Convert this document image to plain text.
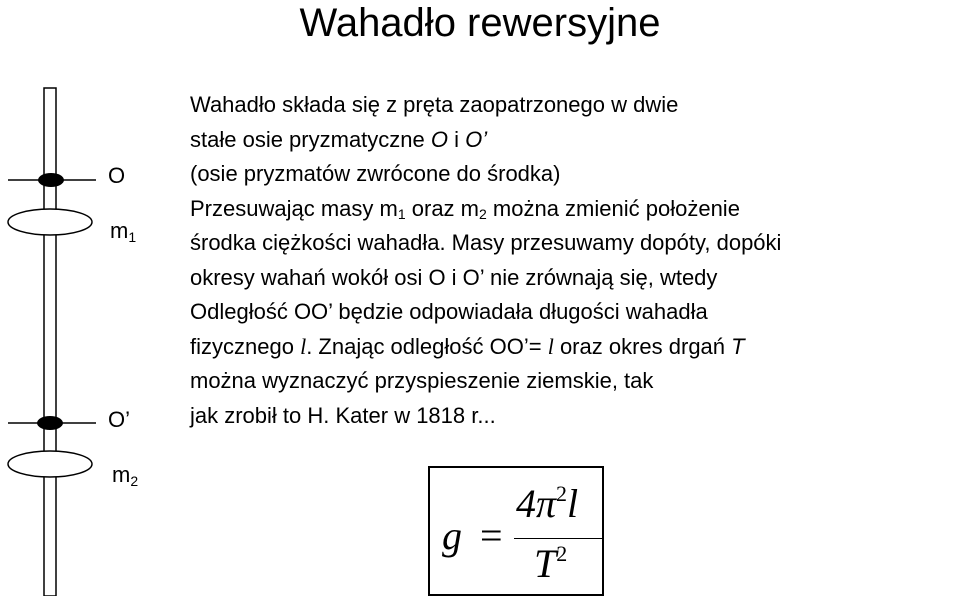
Wahadło rewersyjne
O
$m_1$
O’
$m_2$
Wahadło składa się z pręta zaopatrzonego w dwie
stałe osie pryzmatyczne O i O’
(osie pryzmatów zwrócone do środka)
Przesuwając masy $m_1$ oraz $m_2$ można zmienić położenie
środka ciężkości wahadła. Masy przesuwamy dopóty, dopóki
okresy wahań wokół osi O i O’ nie zrównają się, wtedy
Odległość OO’ będzie odpowiadała długości wahadła
fizycznego l. Znając odległość OO’= l oraz okres drgań T
można wyznaczyć przyspieszenie ziemskie, tak
jak zrobił to H. Kater w 1818 r...
g =
$4\pi^2l$
$T^2$
